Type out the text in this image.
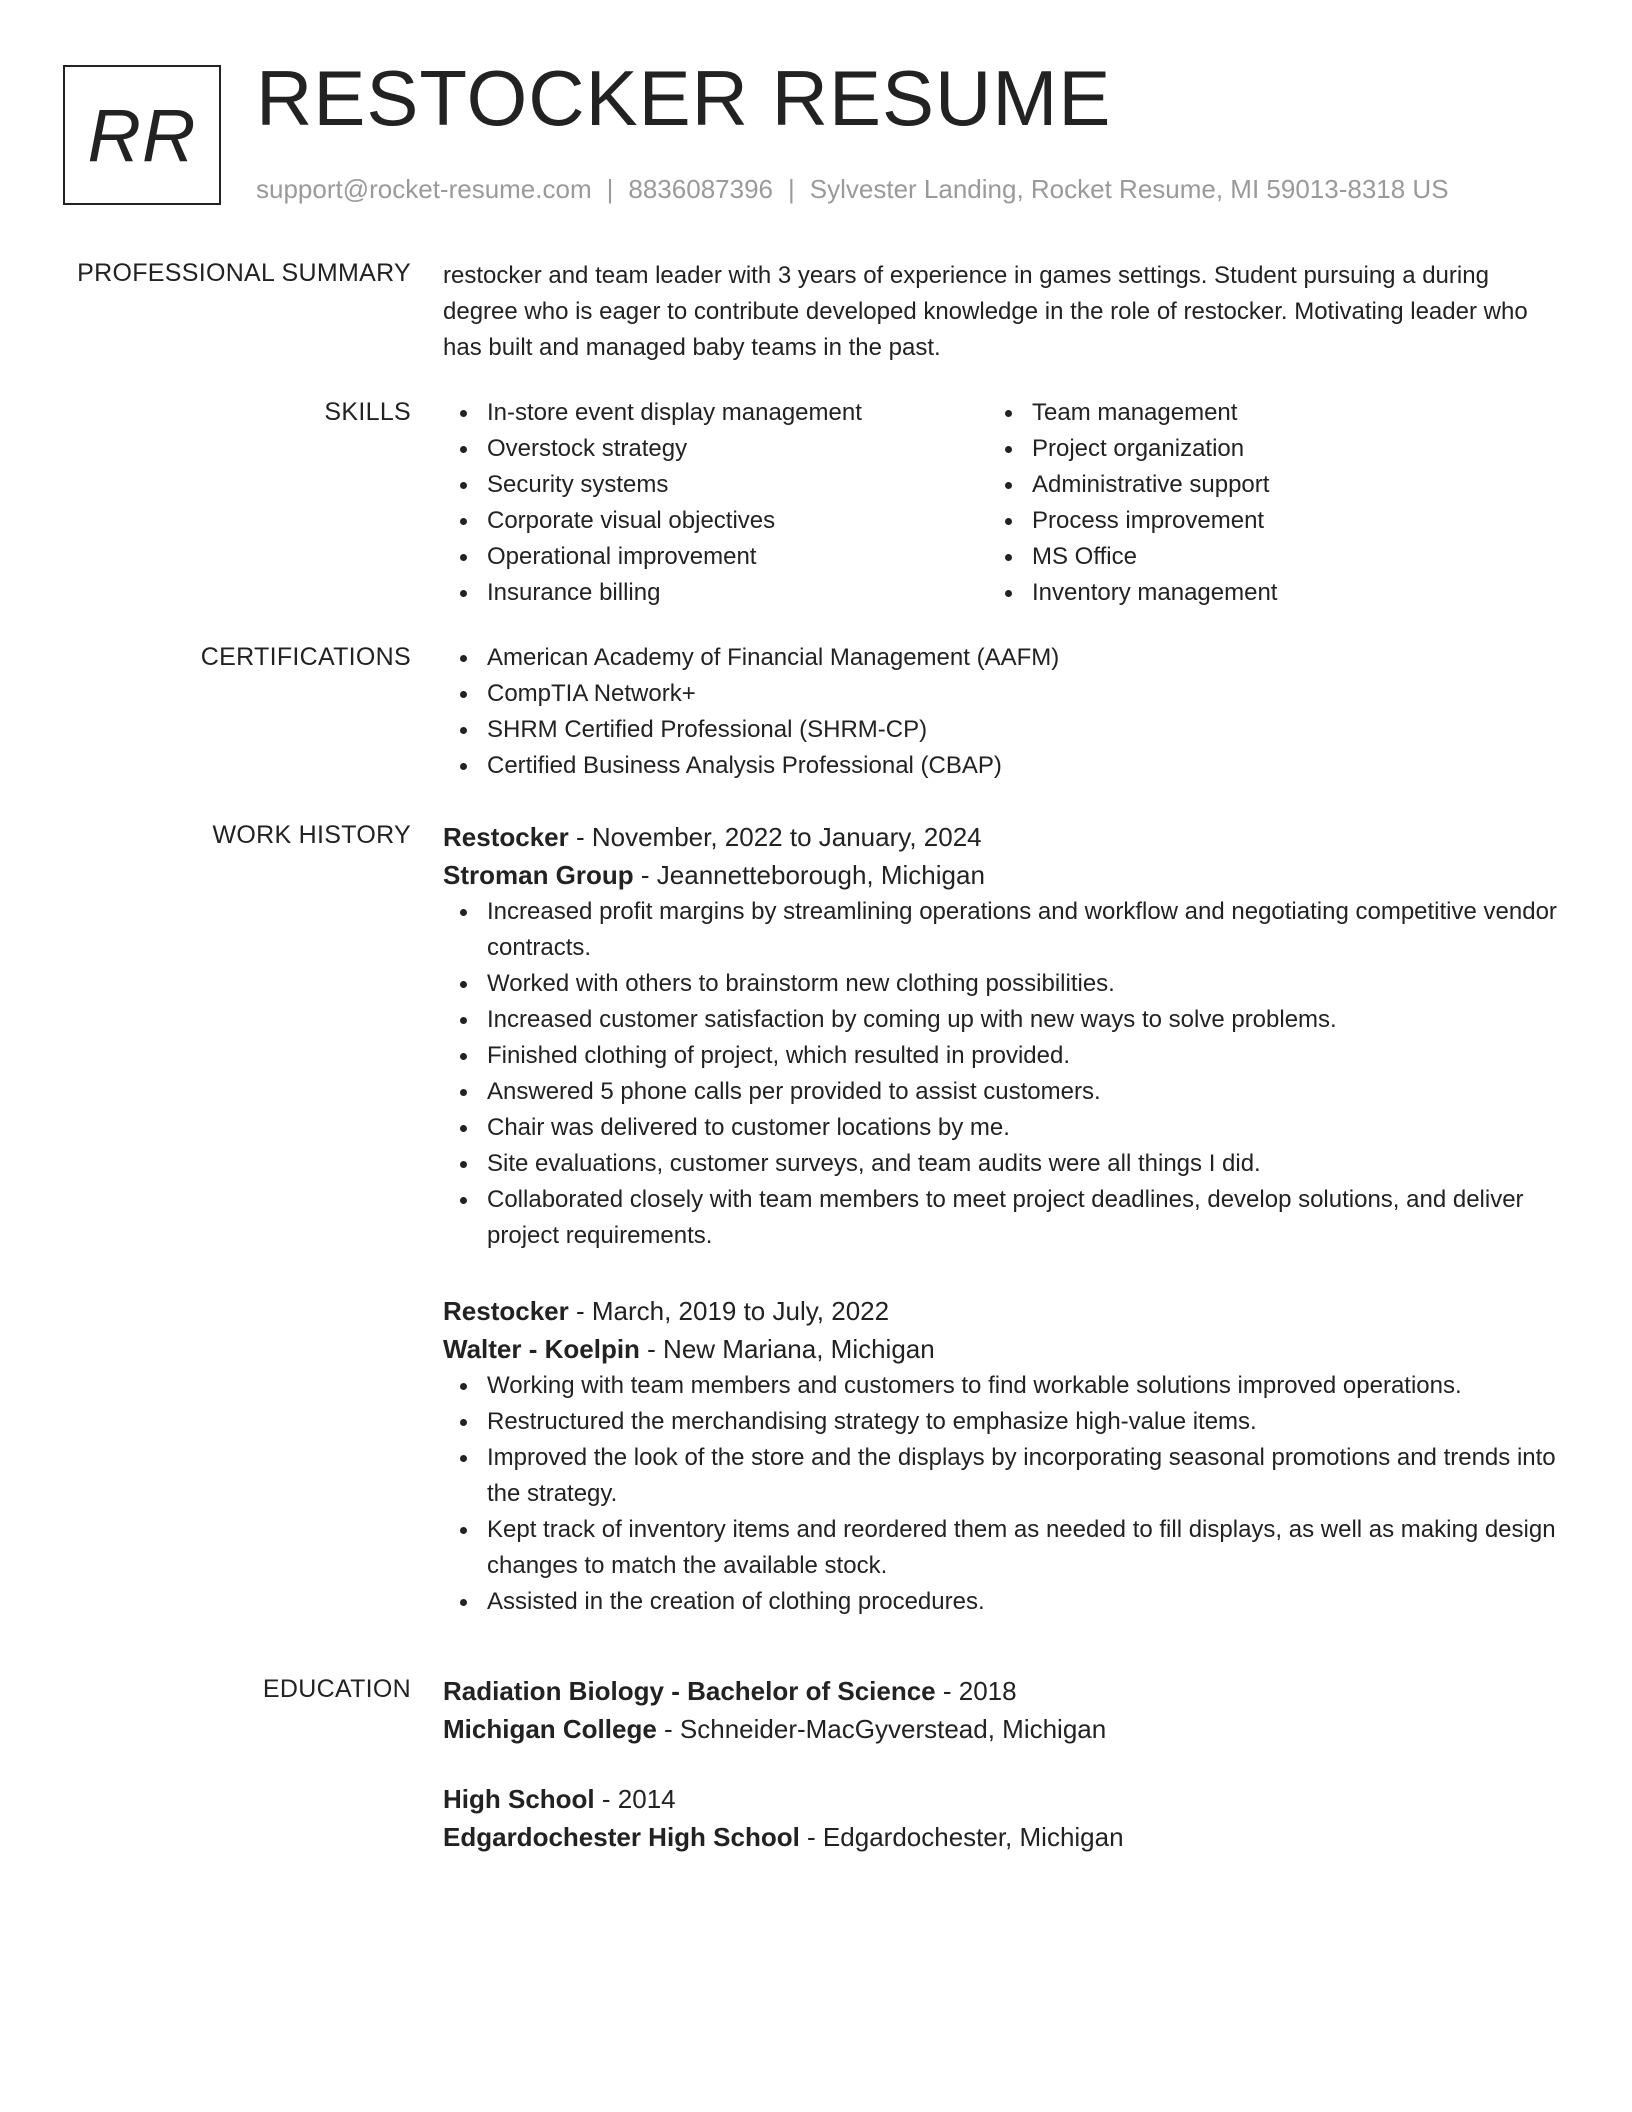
RR RESTOCKER RESUME
support@rocket-resume.com | 8836087396 | Sylvester Landing, Rocket Resume, MI 59013-8318 US
PROFESSIONAL SUMMARY restocker and team leader with 3 years of experience in games settings. Student pursuing a during degree who is eager to contribute developed knowledge in the role of restocker. Motivating leader who has built and managed baby teams in the past.
SKILLS	In-store event display management
Overstock strategy
Security systems
Corporate visual objectives
Operational improvement
Insurance billing
Team management
Project organization
Administrative support
Process improvement
MS Office
Inventory management
CERTIFICATIONS	American Academy of Financial Management (AAFM)
CompTIA Network+
SHRM Certified Professional (SHRM-CP)
Certified Business Analysis Professional (CBAP)
WORK HISTORY Restocker - November, 2022 to January, 2024
Stroman Group - Jeannetteborough, Michigan
Increased profit margins by streamlining operations and workflow and negotiating competitive vendor contracts.
Worked with others to brainstorm new clothing possibilities.
Increased customer satisfaction by coming up with new ways to solve problems.
Finished clothing of project, which resulted in provided.
Answered 5 phone calls per provided to assist customers.
Chair was delivered to customer locations by me.
Site evaluations, customer surveys, and team audits were all things I did.
Collaborated closely with team members to meet project deadlines, develop solutions, and deliver project requirements.
Restocker - March, 2019 to July, 2022
Walter - Koelpin - New Mariana, Michigan
Working with team members and customers to find workable solutions improved operations.
Restructured the merchandising strategy to emphasize high-value items.
Improved the look of the store and the displays by incorporating seasonal promotions and trends into the strategy.
Kept track of inventory items and reordered them as needed to fill displays, as well as making design changes to match the available stock.
Assisted in the creation of clothing procedures.
EDUCATION Radiation Biology - Bachelor of Science - 2018
Michigan College - Schneider-MacGyverstead, Michigan
High School - 2014
Edgardochester High School - Edgardochester, Michigan
